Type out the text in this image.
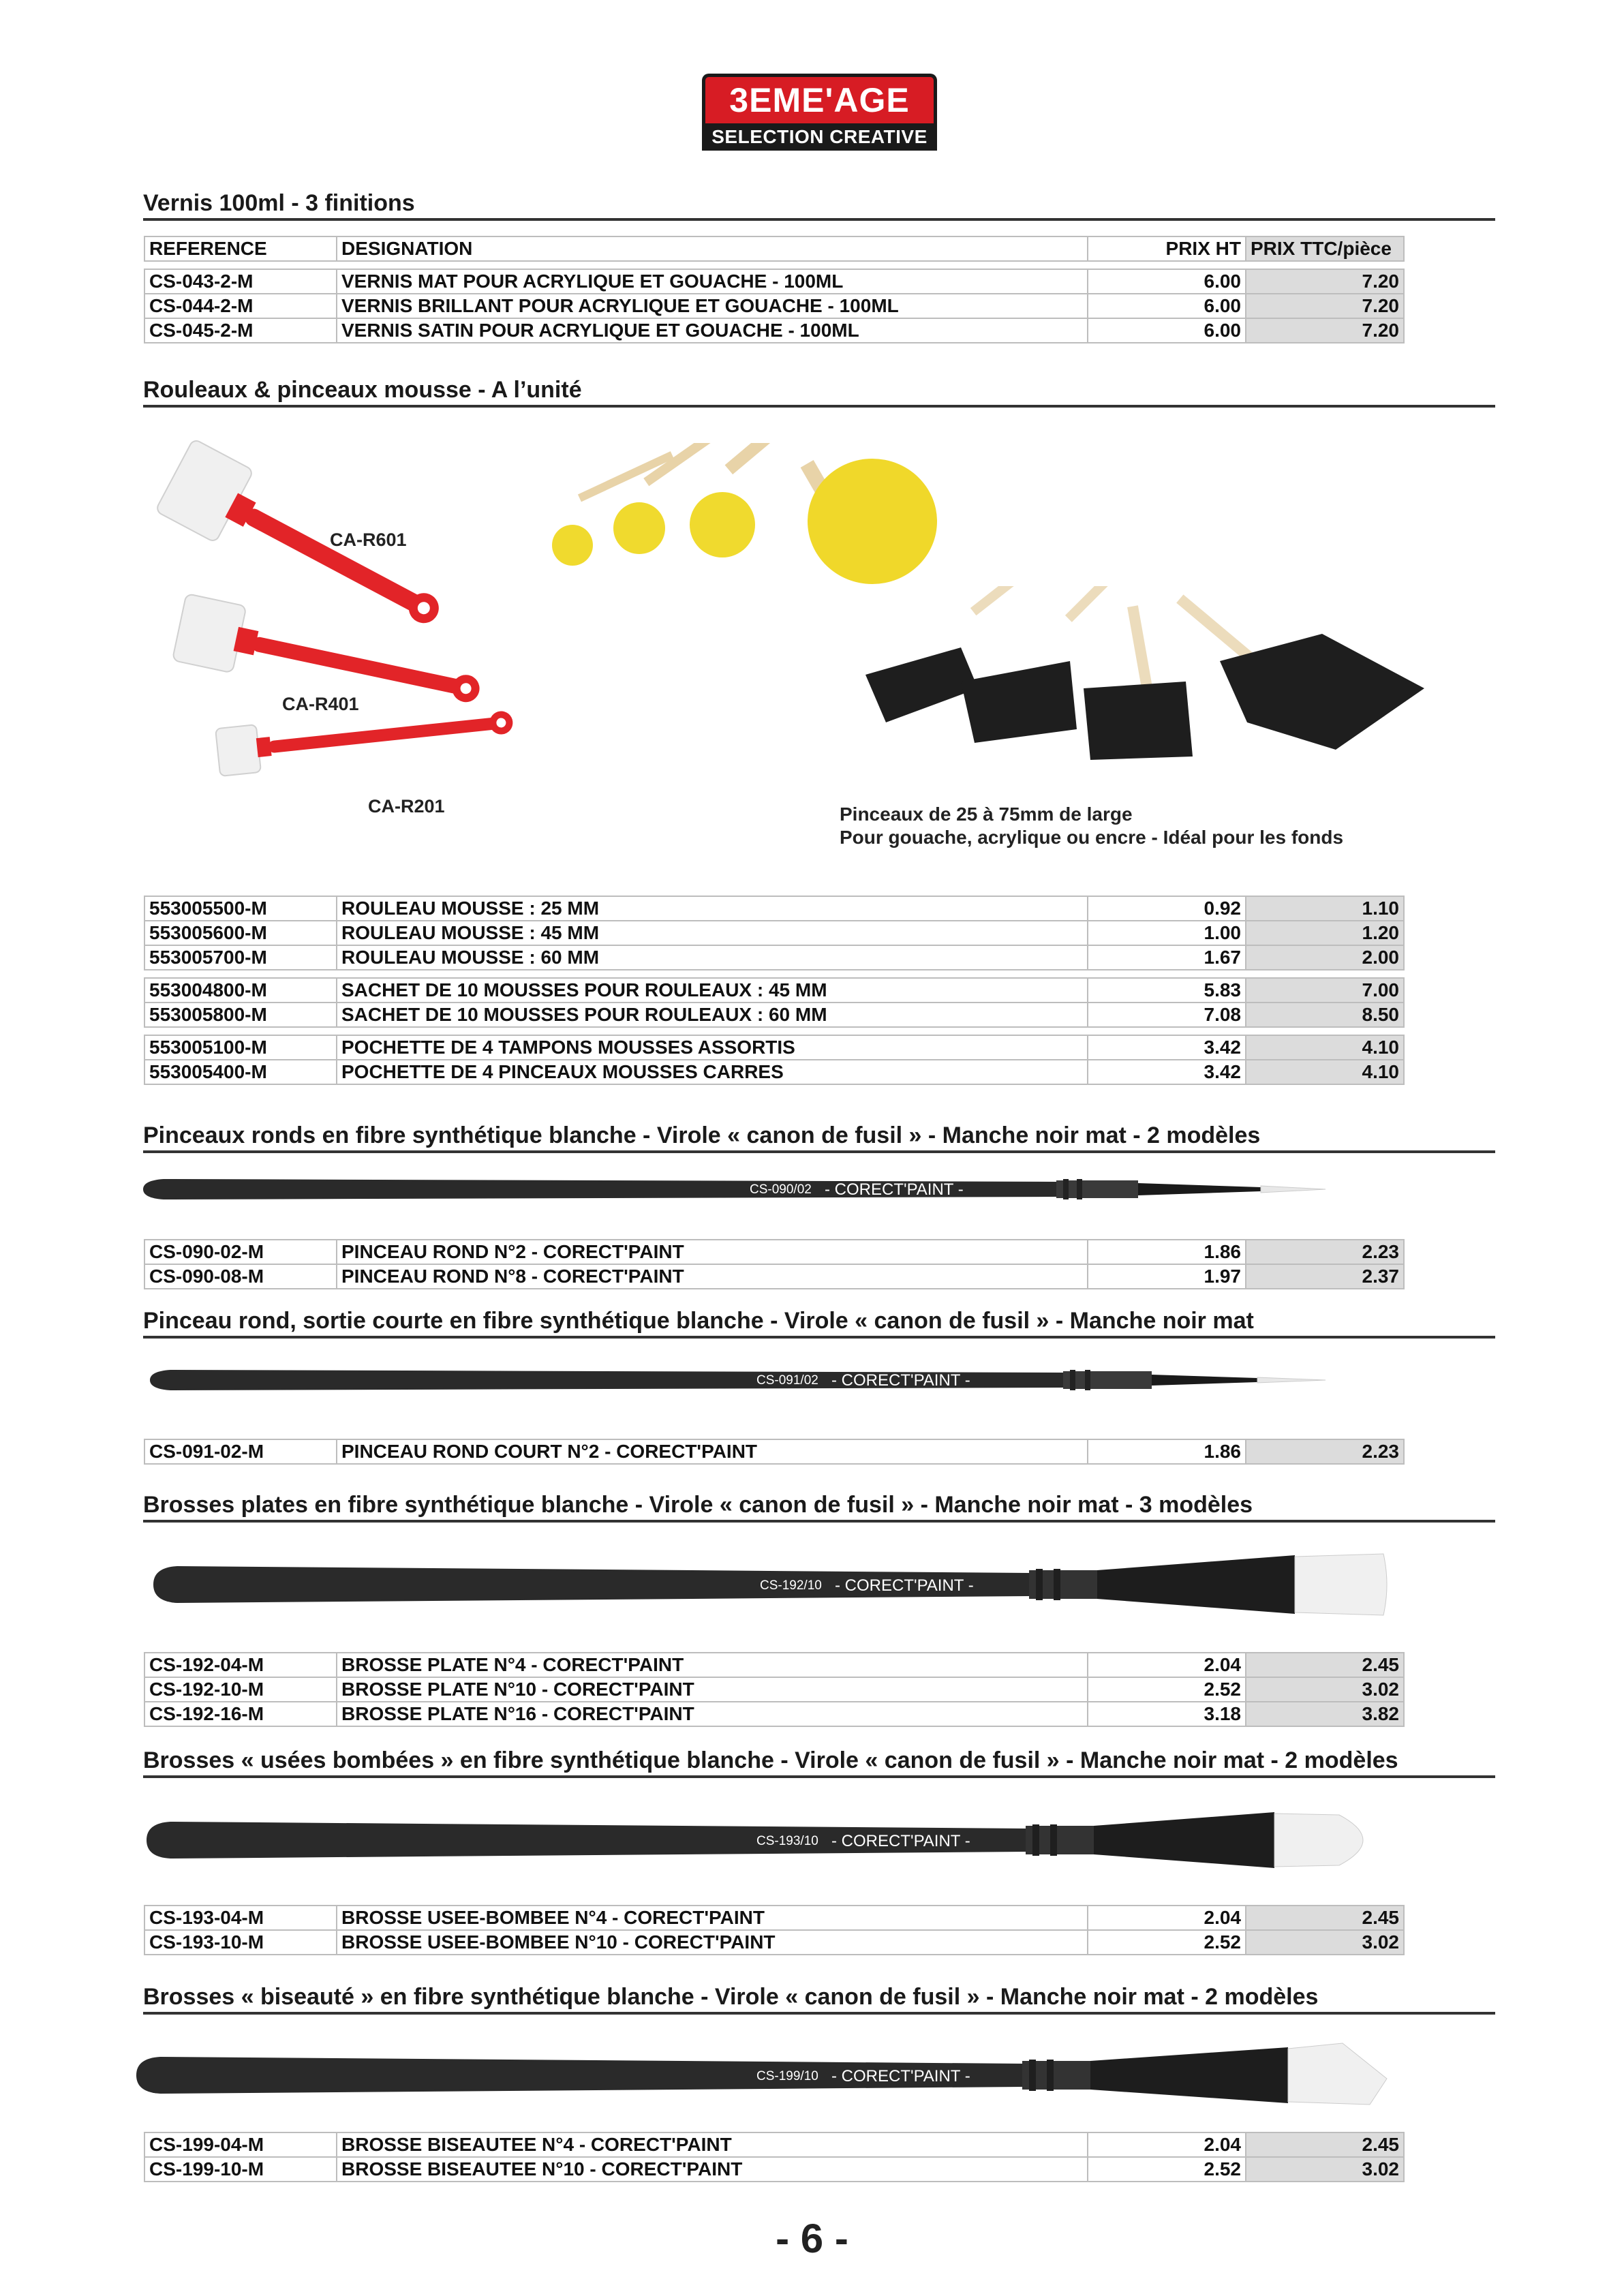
3EME'AGE
SELECTION CREATIVE
Vernis 100ml - 3 finitions
REFERENCE	DESIGNATION	PRIX HT	PRIX TTC/pièce

CS-043-2-M	VERNIS MAT POUR ACRYLIQUE ET GOUACHE - 100ML	6.00	7.20
CS-044-2-M	VERNIS BRILLANT POUR ACRYLIQUE ET GOUACHE - 100ML	6.00	7.20
CS-045-2-M	VERNIS SATIN POUR ACRYLIQUE ET GOUACHE - 100ML	6.00	7.20
Rouleaux & pinceaux mousse - A l’unité
CA-R601
CA-R401
CA-R201	Pinceaux de 25 à 75mm de large
Pour gouache, acrylique ou encre - Idéal pour les fonds
553005500-M	ROULEAU MOUSSE : 25 MM	0.92	1.10
553005600-M	ROULEAU MOUSSE : 45 MM	1.00	1.20
553005700-M	ROULEAU MOUSSE : 60 MM	1.67	2.00

553004800-M	SACHET DE 10 MOUSSES POUR ROULEAUX : 45 MM	5.83	7.00
553005800-M	SACHET DE 10 MOUSSES POUR ROULEAUX : 60 MM	7.08	8.50

553005100-M	POCHETTE DE 4 TAMPONS MOUSSES ASSORTIS	3.42	4.10
553005400-M	POCHETTE DE 4 PINCEAUX MOUSSES CARRES	3.42	4.10
Pinceaux ronds en fibre synthétique blanche - Virole « canon de fusil » - Manche noir mat - 2 modèles
CS-090/02 - CORECT'PAINT -
CS-090-02-M	PINCEAU ROND N°2 - CORECT'PAINT	1.86	2.23
CS-090-08-M	PINCEAU ROND N°8 - CORECT'PAINT	1.97	2.37
Pinceau rond, sortie courte en fibre synthétique blanche - Virole « canon de fusil » - Manche noir mat
CS-091/02 - CORECT'PAINT -
CS-091-02-M	PINCEAU ROND COURT N°2 - CORECT'PAINT	1.86	2.23
Brosses plates en fibre synthétique blanche - Virole « canon de fusil » - Manche noir mat - 3 modèles
CS-192/10 - CORECT'PAINT -
CS-192-04-M	BROSSE PLATE N°4 - CORECT'PAINT	2.04	2.45
CS-192-10-M	BROSSE PLATE N°10 - CORECT'PAINT	2.52	3.02
CS-192-16-M	BROSSE PLATE N°16 - CORECT'PAINT	3.18	3.82
Brosses « usées bombées » en fibre synthétique blanche - Virole « canon de fusil » - Manche noir mat - 2 modèles
CS-193/10 - CORECT'PAINT -
CS-193-04-M	BROSSE USEE-BOMBEE N°4 - CORECT'PAINT	2.04	2.45
CS-193-10-M	BROSSE USEE-BOMBEE N°10 - CORECT'PAINT	2.52	3.02
Brosses « biseauté » en fibre synthétique blanche - Virole « canon de fusil » - Manche noir mat - 2 modèles
CS-199/10 - CORECT'PAINT -
CS-199-04-M	BROSSE BISEAUTEE N°4 - CORECT'PAINT	2.04	2.45
CS-199-10-M	BROSSE BISEAUTEE N°10 - CORECT'PAINT	2.52	3.02
- 6 -
